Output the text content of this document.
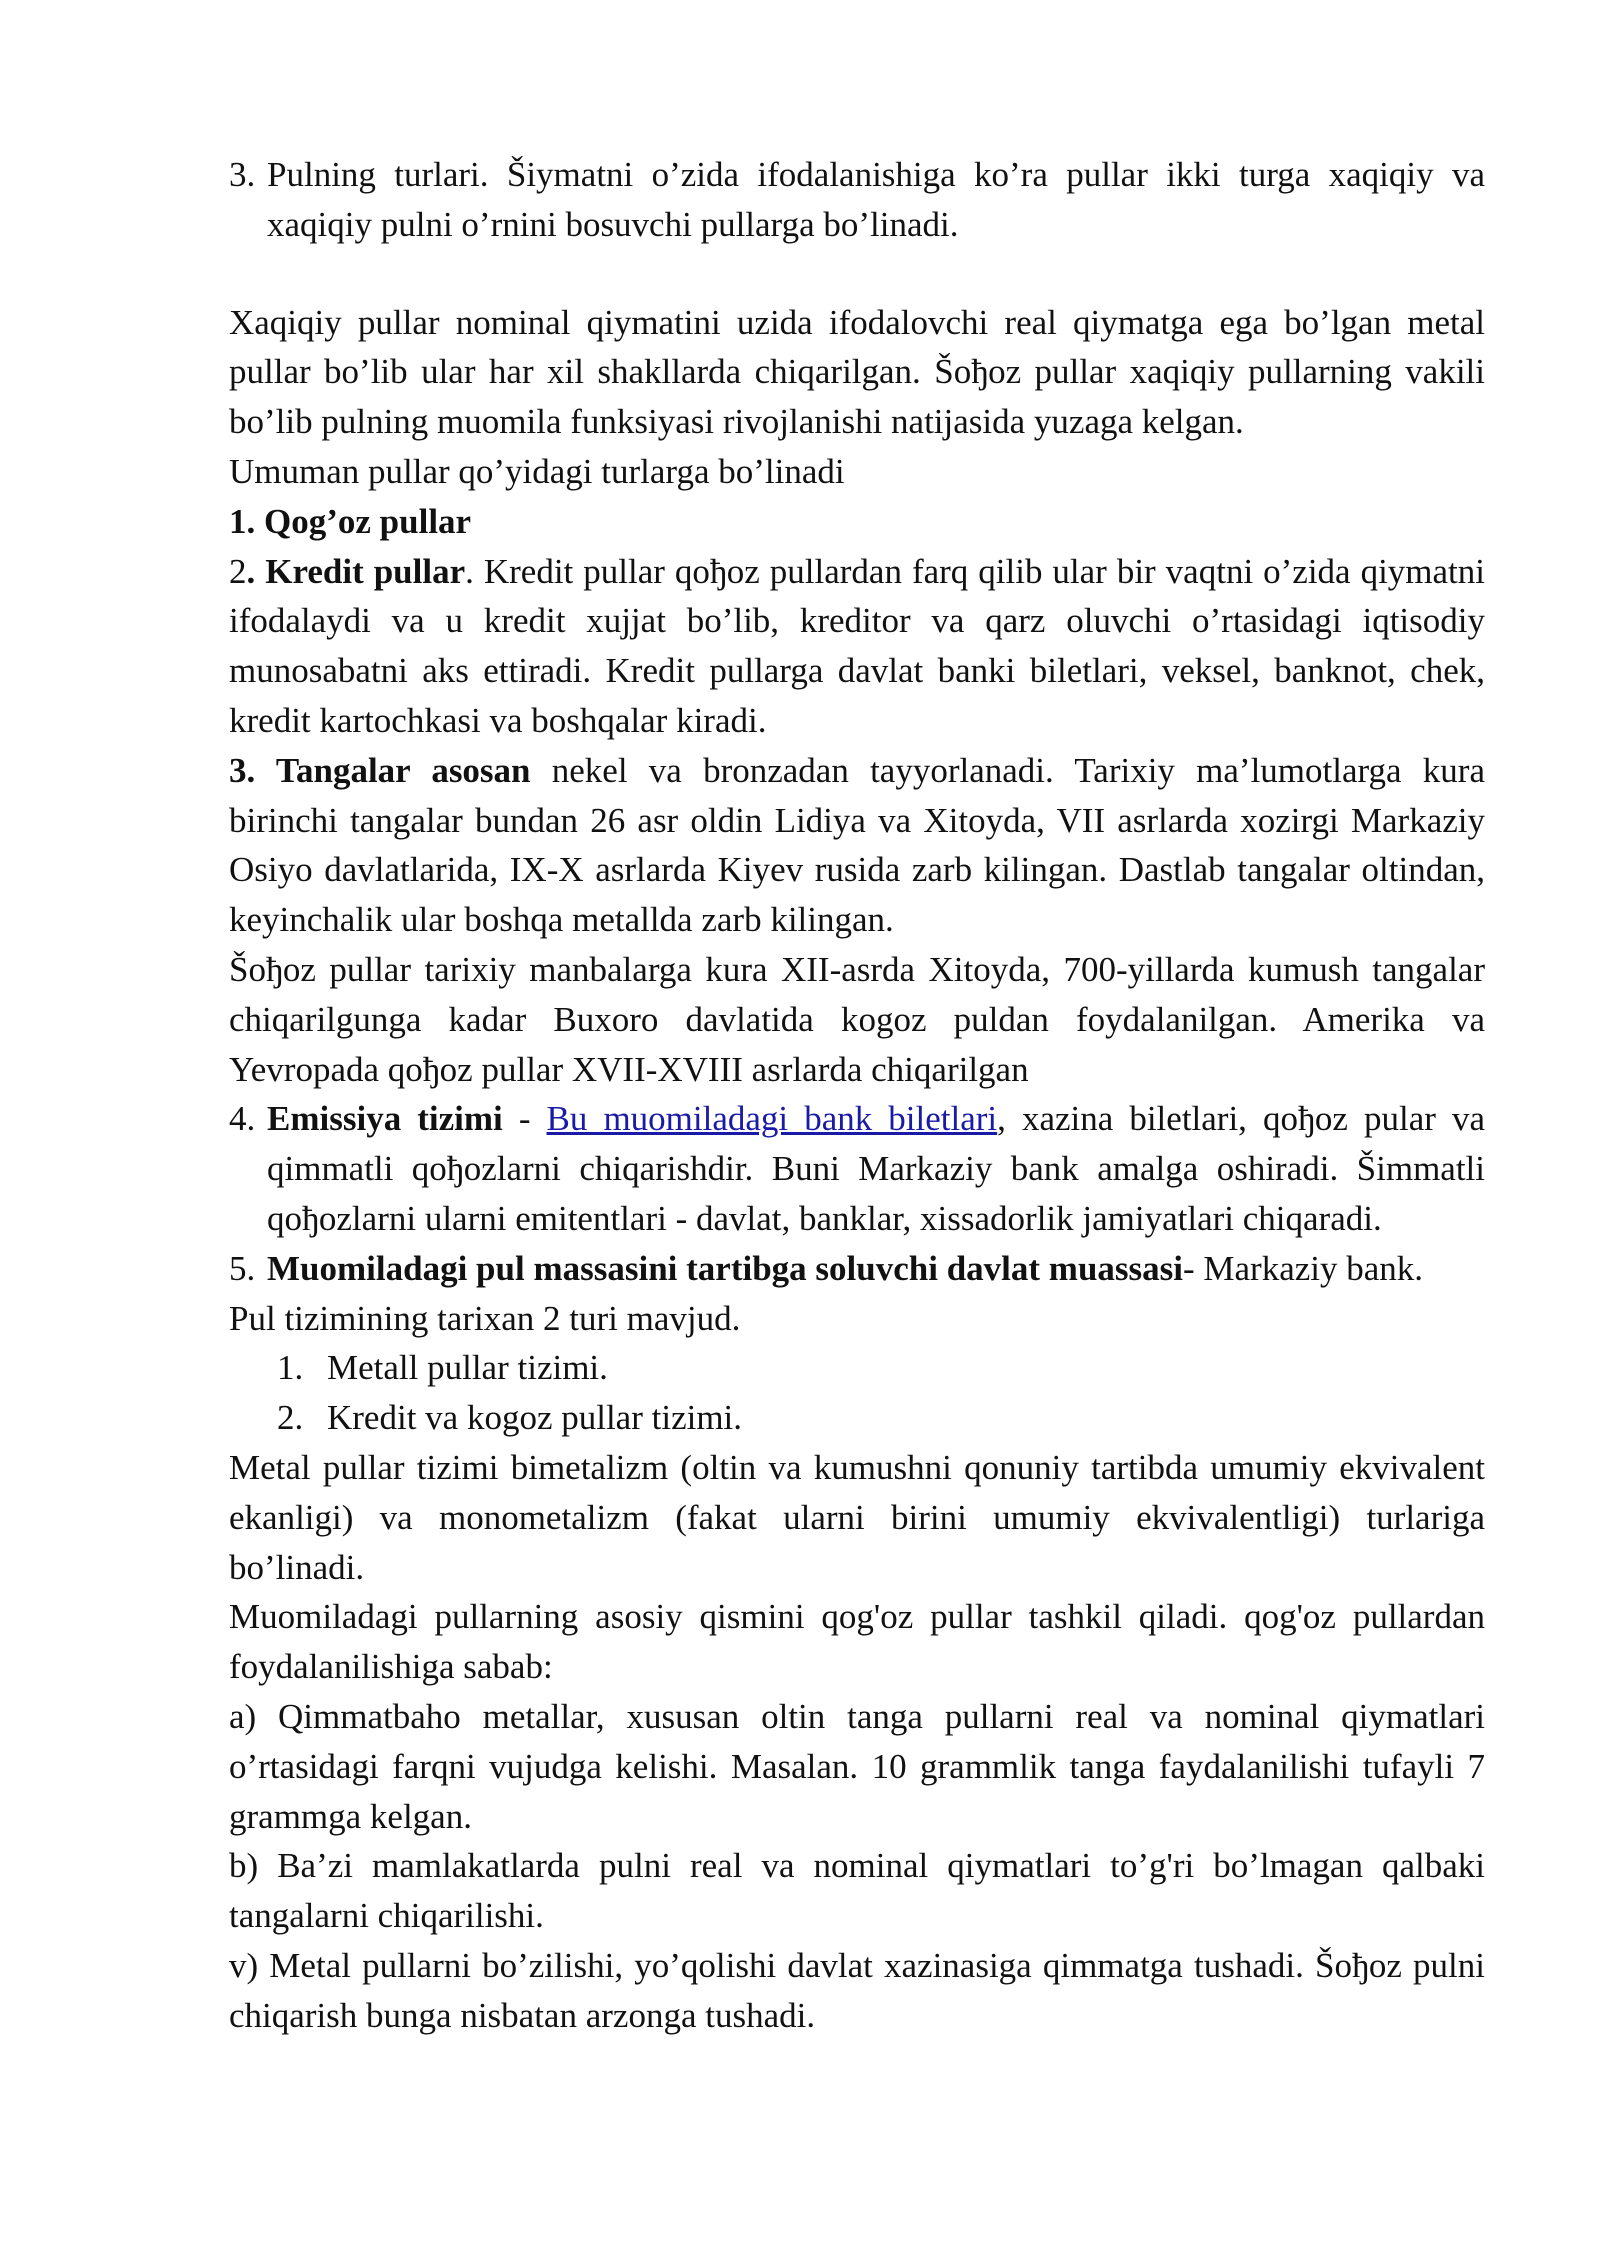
3. Pulning turlari. Šiymatni o’zida ifodalanishiga ko’ra pullar ikki turga xaqiqiy va xaqiqiy pulni o’rnini bosuvchi pullarga bo’linadi.

Xaqiqiy pullar nominal qiymatini uzida ifodalovchi real qiymatga ega bo’lgan metal pullar bo’lib ular har xil shakllarda chiqarilgan. Šoђoz pullar xaqiqiy pullarning vakili bo’lib pulning muomila funksiyasi rivojlanishi natijasida yuzaga kelgan.

Umuman pullar qo’yidagi turlarga bo’linadi

1. Qog’oz pullar

2. Kredit pullar. Kredit pullar qoђoz pullardan farq qilib ular bir vaqtni o’zida qiymatni ifodalaydi va u kredit xujjat bo’lib, kreditor va qarz oluvchi o’rtasidagi iqtisodiy munosabatni aks ettiradi. Kredit pullarga davlat banki biletlari, veksel, banknot, chek, kredit kartochkasi va boshqalar kiradi.

3. Tangalar asosan nekel va bronzadan tayyorlanadi. Tarixiy ma’lumotlarga kura birinchi tangalar bundan 26 asr oldin Lidiya va Xitoyda, VII asrlarda xozirgi Markaziy Osiyo davlatlarida, IX-X asrlarda Kiyev rusida zarb kilingan. Dastlab tangalar oltindan, keyinchalik ular boshqa metallda zarb kilingan.

Šoђoz pullar tarixiy manbalarga kura XII-asrda Xitoyda, 700-yillarda kumush tangalar chiqarilgunga kadar Buxoro davlatida kogoz puldan foydalanilgan. Amerika va Yevropada qoђoz pullar XVII-XVIII asrlarda chiqarilgan

4. Emissiya tizimi - Bu muomiladagi bank biletlari, xazina biletlari, qoђoz pular va qimmatli qoђozlarni chiqarishdir. Buni Markaziy bank amalga oshiradi. Šimmatli qoђozlarni ularni emitentlari - davlat, banklar, xissadorlik jamiyatlari chiqaradi.

5. Muomiladagi pul massasini tartibga soluvchi davlat muassasi- Markaziy bank.

Pul tizimining tarixan 2 turi mavjud.

1. Metall pullar tizimi.

2. Kredit va kogoz pullar tizimi.

Metal pullar tizimi bimetalizm (oltin va kumushni qonuniy tartibda umumiy ekvivalent ekanligi) va monometalizm (fakat ularni birini umumiy ekvivalentligi) turlariga bo’linadi.

Muomiladagi pullarning asosiy qismini qog'oz pullar tashkil qiladi. qog'oz pullardan foydalanilishiga sabab:

a) Qimmatbaho metallar, xususan oltin tanga pullarni real va nominal qiymatlari o’rtasidagi farqni vujudga kelishi. Masalan. 10 grammlik tanga faydalanilishi tufayli 7 grammga kelgan.

b) Ba’zi mamlakatlarda pulni real va nominal qiymatlari to’g'ri bo’lmagan qalbaki tangalarni chiqarilishi.

v) Metal pullarni bo’zilishi, yo’qolishi davlat xazinasiga qimmatga tushadi. Šoђoz pulni chiqarish bunga nisbatan arzonga tushadi.
